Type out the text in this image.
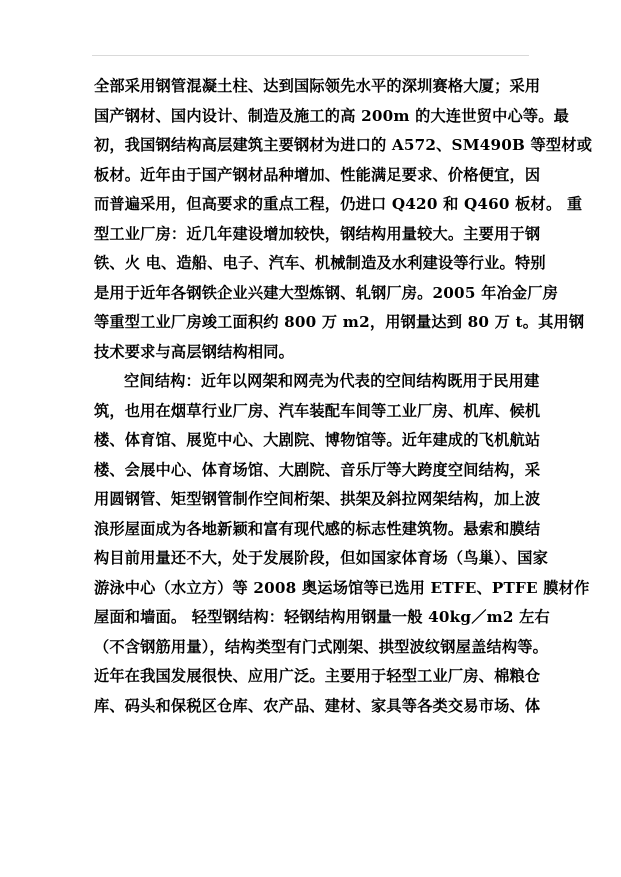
全部采用钢管混凝土柱、达到国际领先水平的深圳赛格大厦；采用
国产钢材、国内设计、制造及施工的高 200m 的大连世贸中心等。最
初，我国钢结构高层建筑主要钢材为进口的 A572、SM490B 等型材或
板材。近年由于国产钢材品种增加、性能满足要求、价格便宜，因
而普遍采用，但高要求的重点工程，仍进口 Q420 和 Q460 板材。 重
型工业厂房：近几年建设增加较快，钢结构用量较大。主要用于钢
铁、火 电、造船、电子、汽车、机械制造及水利建设等行业。特别
是用于近年各钢铁企业兴建大型炼钢、轧钢厂房。2005 年冶金厂房
等重型工业厂房竣工面积约 800 万 m2，用钢量达到 80 万 t。其用钢
技术要求与高层钢结构相同。
空间结构：近年以网架和网壳为代表的空间结构既用于民用建
筑，也用在烟草行业厂房、汽车装配车间等工业厂房、机库、候机
楼、体育馆、展览中心、大剧院、博物馆等。近年建成的飞机航站
楼、会展中心、体育场馆、大剧院、音乐厅等大跨度空间结构，采
用圆钢管、矩型钢管制作空间桁架、拱架及斜拉网架结构，加上波
浪形屋面成为各地新颖和富有现代感的标志性建筑物。悬索和膜结
构目前用量还不大，处于发展阶段，但如国家体育场（鸟巢）、国家
游泳中心（水立方）等 2008 奥运场馆等已选用 ETFE、PTFE 膜材作
屋面和墙面。 轻型钢结构：轻钢结构用钢量一般 40kg／m2 左右
（不含钢筋用量），结构类型有门式刚架、拱型波纹钢屋盖结构等。
近年在我国发展很快、应用广泛。主要用于轻型工业厂房、棉粮仓
库、码头和保税区仓库、农产品、建材、家具等各类交易市场、体
